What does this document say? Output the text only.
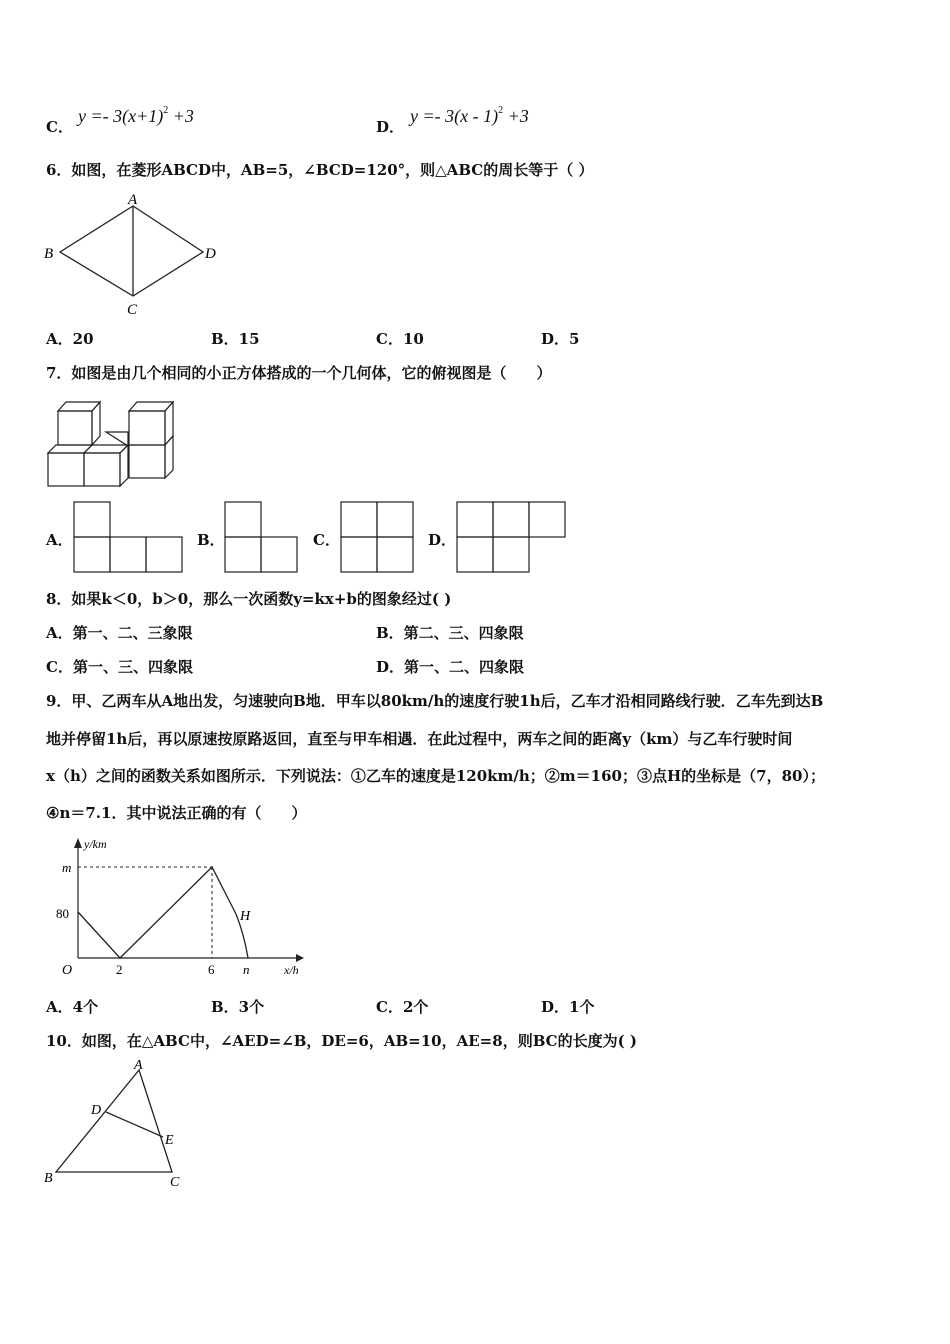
C．
$y =- 3(x+1)^2 +3$
D．
y =- 3(x - 1)$^2$ +3
6．如图，在菱形ABCD中，AB=5，∠BCD=120°，则△ABC的周长等于（ ）
A
B
C
D
A．20	B．15	C．10	D．5
7．如图是由几个相同的小正方体搭成的一个几何体，它的俯视图是（　　）
A．	B．	C．	D．
8．如果k＜0，b＞0，那么一次函数y=kx+b的图象经过( )
A．第一、二、三象限	B．第二、三、四象限
C．第一、三、四象限	D．第一、二、四象限
9．甲、乙两车从A地出发，匀速驶向B地．甲车以80km/h的速度行驶1h后，乙车才沿相同路线行驶．乙车先到达B
地并停留1h后，再以原速按原路返回，直至与甲车相遇．在此过程中，两车之间的距离y（km）与乙车行驶时间
x（h）之间的函数关系如图所示．下列说法：①乙车的速度是120km/h；②m＝160；③点H的坐标是（7，80）；
④n＝7.1．其中说法正确的有（　　）
y/km
x/h
O
m
80
2	6 n
H
A．4个	B．3个	C．2个	D．1个
10．如图，在△ABC中，∠AED=∠B，DE=6，AB=10，AE=8，则BC的长度为( )
A
B	C
D
E
